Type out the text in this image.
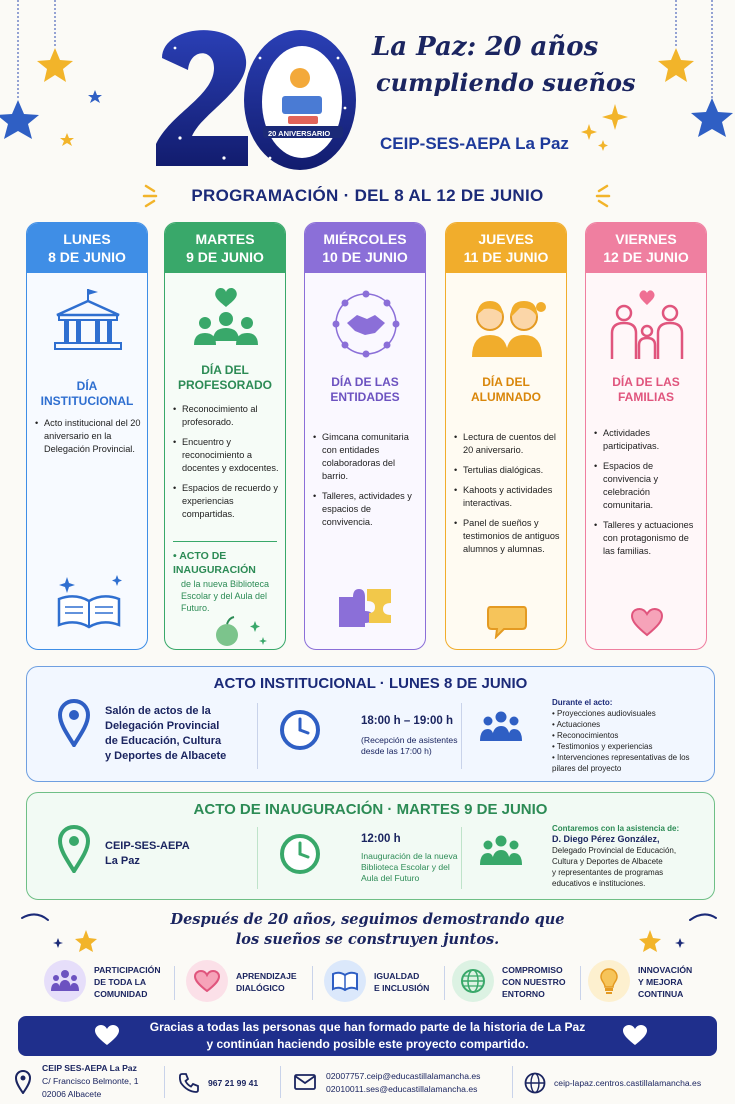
20 ANIVERSARIO
La Paz: 20 años
cumpliendo sueños
CEIP-SES-AEPA La Paz
PROGRAMACIÓN · DEL 8 AL 12 DE JUNIO
LUNES
8 DE JUNIO
DÍA INSTITUCIONAL
• Acto institucional del 20 aniversario en la Delegación Provincial.
MARTES
9 DE JUNIO
DÍA DEL PROFESORADO
• Reconocimiento al profesorado.
• Encuentro y reconocimiento a docentes y exdocentes.
• Espacios de recuerdo y experiencias compartidas.
• ACTO DE INAUGURACIÓN
de la nueva Biblioteca Escolar y del Aula del Futuro.
MIÉRCOLES
10 DE JUNIO
DÍA DE LAS ENTIDADES
• Gimcana comunitaria con entidades colaboradoras del barrio.
• Talleres, actividades y espacios de convivencia.
JUEVES
11 DE JUNIO
DÍA DEL ALUMNADO
• Lectura de cuentos del 20 aniversario.
• Tertulias dialógicas.
• Kahoots y actividades interactivas.
• Panel de sueños y testimonios de antiguos alumnos y alumnas.
VIERNES
12 DE JUNIO
DÍA DE LAS FAMILIAS
• Actividades participativas.
• Espacios de convivencia y celebración comunitaria.
• Talleres y actuaciones con protagonismo de las familias.
ACTO INSTITUCIONAL · LUNES 8 DE JUNIO
Salón de actos de la
Delegación Provincial
de Educación, Cultura
y Deportes de Albacete
18:00 h – 19:00 h
(Recepción de asistentes
desde las 17:00 h)
Durante el acto:
• Proyecciones audiovisuales
• Actuaciones
• Reconocimientos
• Testimonios y experiencias
• Intervenciones representativas de los pilares del proyecto
ACTO DE INAUGURACIÓN · MARTES 9 DE JUNIO
CEIP-SES-AEPA
La Paz
12:00 h
Inauguración de la nueva
Biblioteca Escolar y del
Aula del Futuro
Contaremos con la asistencia de:
D. Diego Pérez González,
Delegado Provincial de Educación,
Cultura y Deportes de Albacete
y representantes de programas
educativos e instituciones.
Después de 20 años, seguimos demostrando que
los sueños se construyen juntos.
PARTICIPACIÓN
DE TODA LA
COMUNIDAD
APRENDIZAJE
DIALÓGICO
IGUALDAD
E INCLUSIÓN
COMPROMISO
CON NUESTRO
ENTORNO
INNOVACIÓN
Y MEJORA
CONTINUA
Gracias a todas las personas que han formado parte de la historia de La Paz
y continúan haciendo posible este proyecto compartido.
CEIP SES-AEPA La Paz
C/ Francisco Belmonte, 1
02006 Albacete
967 21 99 41
02007757.ceip@educastillalamancha.es
02010011.ses@educastillalamancha.es
ceip-lapaz.centros.castillalamancha.es
